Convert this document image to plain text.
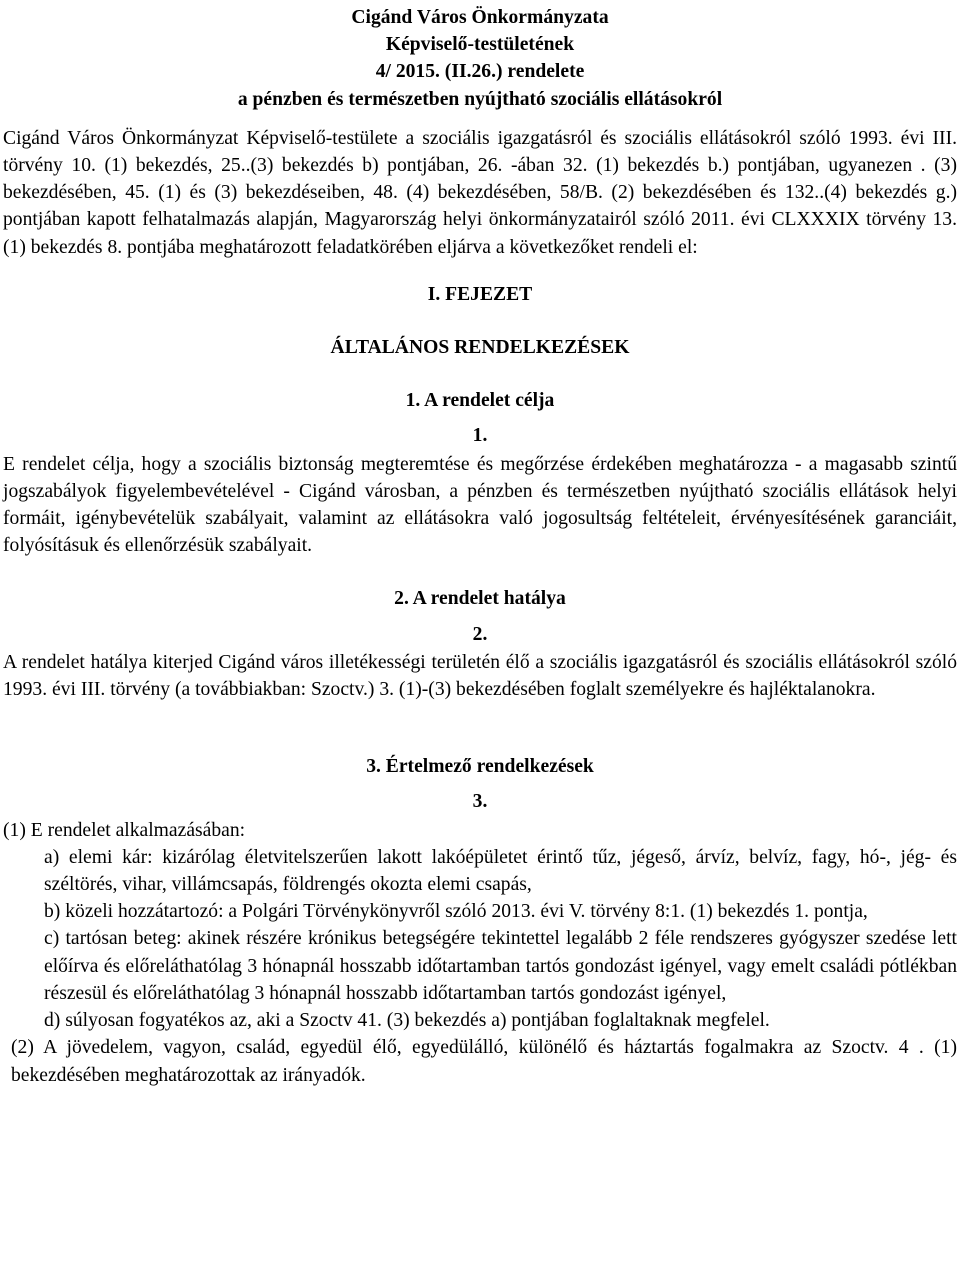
Cigánd Város Önkormányzata
Képviselő-testületének
4/ 2015. (II.26.) rendelete
a pénzben és természetben nyújtható szociális ellátásokról
Cigánd Város Önkormányzat Képviselő-testülete a szociális igazgatásról és szociális ellátásokról szóló 1993. évi III. törvény 10. (1) bekezdés, 25..(3) bekezdés b) pontjában, 26. -ában 32. (1) bekezdés b.) pontjában, ugyanezen . (3) bekezdésében, 45. (1) és (3) bekezdéseiben, 48. (4) bekezdésében, 58/B. (2) bekezdésében és 132..(4) bekezdés g.) pontjában kapott felhatalmazás alapján, Magyarország helyi önkormányzatairól szóló 2011. évi CLXXXIX törvény 13. (1) bekezdés 8. pontjába meghatározott feladatkörében eljárva a következőket rendeli el:
I. FEJEZET
ÁLTALÁNOS RENDELKEZÉSEK
1. A rendelet célja
1.
E rendelet célja, hogy a szociális biztonság megteremtése és megőrzése érdekében meghatározza - a magasabb szintű jogszabályok figyelembevételével - Cigánd városban, a pénzben és természetben nyújtható szociális ellátások helyi formáit, igénybevételük szabályait, valamint az ellátásokra való jogosultság feltételeit, érvényesítésének garanciáit, folyósításuk és ellenőrzésük szabályait.
2. A rendelet hatálya
2.
A rendelet hatálya kiterjed Cigánd város illetékességi területén élő a szociális igazgatásról és szociális ellátásokról szóló 1993. évi III. törvény (a továbbiakban: Szoctv.) 3. (1)-(3) bekezdésében foglalt személyekre és hajléktalanokra.
3. Értelmező rendelkezések
3.
(1) E rendelet alkalmazásában:
a) elemi kár: kizárólag életvitelszerűen lakott lakóépületet érintő tűz, jégeső, árvíz, belvíz, fagy, hó-, jég- és széltörés, vihar, villámcsapás, földrengés okozta elemi csapás,
b) közeli hozzátartozó: a Polgári Törvénykönyvről szóló 2013. évi V. törvény 8:1. (1) bekezdés 1. pontja,
c) tartósan beteg: akinek részére krónikus betegségére tekintettel legalább 2 féle rendszeres gyógyszer szedése lett előírva és előreláthatólag 3 hónapnál hosszabb időtartamban tartós gondozást igényel, vagy emelt családi pótlékban részesül és előreláthatólag 3 hónapnál hosszabb időtartamban tartós gondozást igényel,
d) súlyosan fogyatékos az, aki a Szoctv 41. (3) bekezdés a) pontjában foglaltaknak megfelel.
(2) A jövedelem, vagyon, család, egyedül élő, egyedülálló, különélő és háztartás fogalmakra az Szoctv. 4 . (1) bekezdésében meghatározottak az irányadók.
